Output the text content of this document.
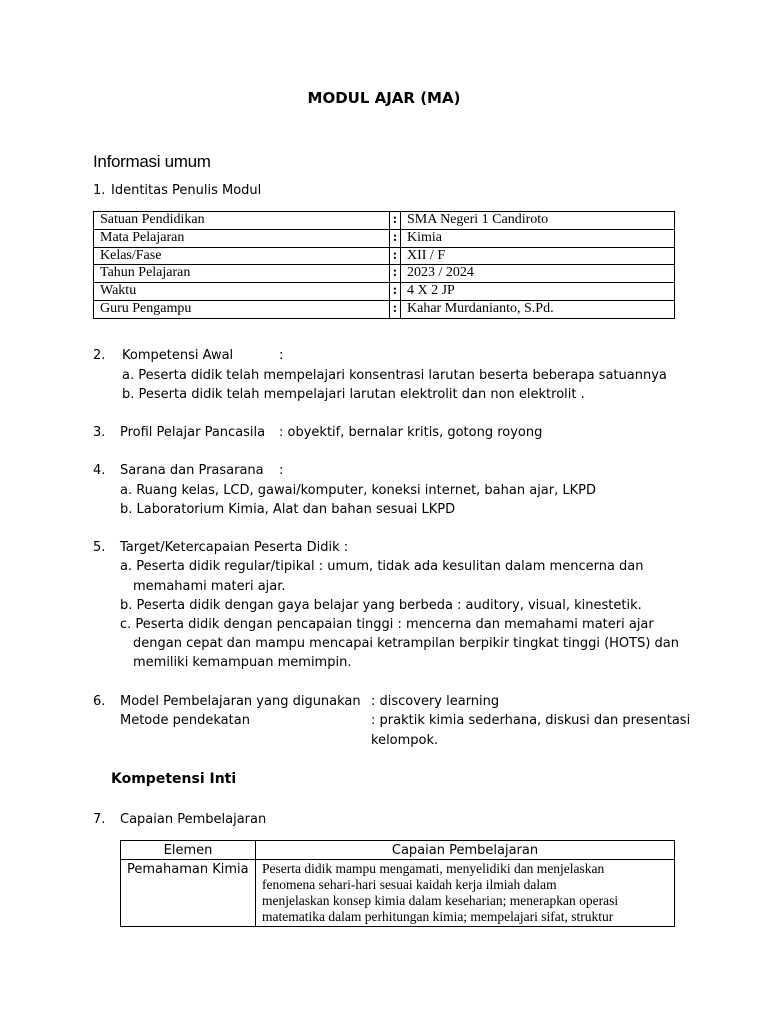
MODUL AJAR (MA)
Informasi umum
1. Identitas Penulis Modul
Satuan Pendidikan	:	SMA Negeri 1 Candiroto
Mata Pelajaran	:	Kimia
Kelas/Fase	:	XII / F
Tahun Pelajaran	:	2023 / 2024
Waktu	:	4 X 2 JP
Guru Pengampu	:	Kahar Murdanianto, S.Pd.
2. Kompetensi Awal	:
a. Peserta didik telah mempelajari konsentrasi larutan beserta beberapa satuannya
b. Peserta didik telah mempelajari larutan elektrolit dan non elektrolit .
3. Profil Pelajar Pancasila : obyektif, bernalar kritis, gotong royong
4. Sarana dan Prasarana :
a. Ruang kelas, LCD, gawai/komputer, koneksi internet, bahan ajar, LKPD
b. Laboratorium Kimia, Alat dan bahan sesuai LKPD
5. Target/Ketercapaian Peserta Didik :
a. Peserta didik regular/tipikal : umum, tidak ada kesulitan dalam mencerna dan
memahami materi ajar.
b. Peserta didik dengan gaya belajar yang berbeda : auditory, visual, kinestetik.
c. Peserta didik dengan pencapaian tinggi : mencerna dan memahami materi ajar
dengan cepat dan mampu mencapai ketrampilan berpikir tingkat tinggi (HOTS) dan
memiliki kemampuan memimpin.
6. Model Pembelajaran yang digunakan : discovery learning
Metode pendekatan	: praktik kimia sederhana, diskusi dan presentasi
kelompok.
Kompetensi Inti
7. Capaian Pembelajaran
Elemen	Capaian Pembelajaran
Pemahaman Kimia	Peserta didik mampu mengamati, menyelidiki dan menjelaskan
fenomena sehari-hari sesuai kaidah kerja ilmiah dalam
menjelaskan konsep kimia dalam keseharian; menerapkan operasi
matematika dalam perhitungan kimia; mempelajari sifat, struktur
